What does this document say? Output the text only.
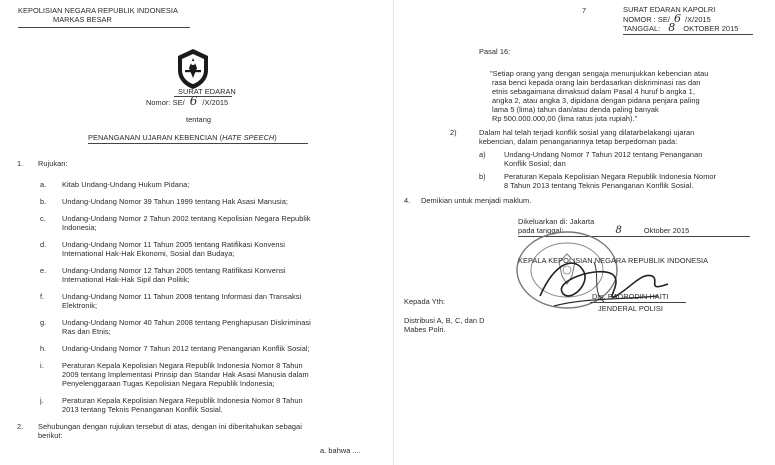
KEPOLISIAN NEGARA REPUBLIK INDONESIA
MARKAS BESAR
SURAT EDARAN
Nomor: SE/ 6 /X/2015
tentang
PENANGANAN UJARAN KEBENCIAN (HATE SPEECH)
1. Rujukan:
a. Kitab Undang-Undang Hukum Pidana;
b. Undang-Undang Nomor 39 Tahun 1999 tentang Hak Asasi Manusia;
c. Undang-Undang Nomor 2 Tahun 2002 tentang Kepolisian Negara Republik
Indonesia;
d. Undang-Undang Nomor 11 Tahun 2005 tentang Ratifikasi Konvensi
International Hak-Hak Ekonomi, Sosial dan Budaya;
e. Undang-Undang Nomor 12 Tahun 2005 tentang Ratifikasi Konvensi
International Hak-Hak Sipil dan Politik;
f. Undang-Undang Nomor 11 Tahun 2008 tentang Informasi dan Transaksi
Elektronik;
g. Undang-Undang Nomor 40 Tahun 2008 tentang Penghapusan Diskriminasi
Ras dan Etnis;
h. Undang-Undang Nomor 7 Tahun 2012 tentang Penanganan Konflik Sosial;
i. Peraturan Kepala Kepolisian Negara Republik Indonesia Nomor 8 Tahun
2009 tentang Implementasi Prinsip dan Standar Hak Asasi Manusia dalam
Penyelenggaraan Tugas Kepolisian Negara Republik Indonesia;
j. Peraturan Kepala Kepolisian Negara Republik Indonesia Nomor 8 Tahun
2013 tentang Teknis Penanganan Konflik Sosial.
2. Sehubungan dengan rujukan tersebut di atas, dengan ini diberitahukan sebagai
berikut:
a. bahwa ....
7	SURAT EDARAN KAPOLRI
NOMOR : SE/ 6 /X/2015
TANGGAL: 8 OKTOBER 2015
Pasal 16:
"Setiap orang yang dengan sengaja menunjukkan kebencian atau
rasa benci kepada orang lain berdasarkan diskriminasi ras dan
etnis sebagaimana dimaksud dalam Pasal 4 huruf b angka 1,
angka 2, atau angka 3, dipidana dengan pidana penjara paling
lama 5 (lima) tahun dan/atau denda paling banyak
Rp 500.000.000,00 (lima ratus juta rupiah)."
2)	Dalam hal telah terjadi konflik sosial yang dilatarbelakangi ujaran
kebencian, dalam penanganannya tetap berpedoman pada:
a) Undang-Undang Nomor 7 Tahun 2012 tentang Penanganan
Konflik Sosial; dan
b) Peraturan Kepala Kepolisian Negara Republik Indonesia Nomor
8 Tahun 2013 tentang Teknis Penanganan Konflik Sosial.
4. Demikian untuk menjadi maklum.
Dikeluarkan di: Jakarta
pada tanggal:	8	Oktober 2015
KEPALA KEPOLISIAN NEGARA REPUBLIK INDONESIA
Drs. BADRODIN HAITI
JENDERAL POLISI
Kepada Yth:
Distribusi A, B, C, dan D
Mabes Polri.
